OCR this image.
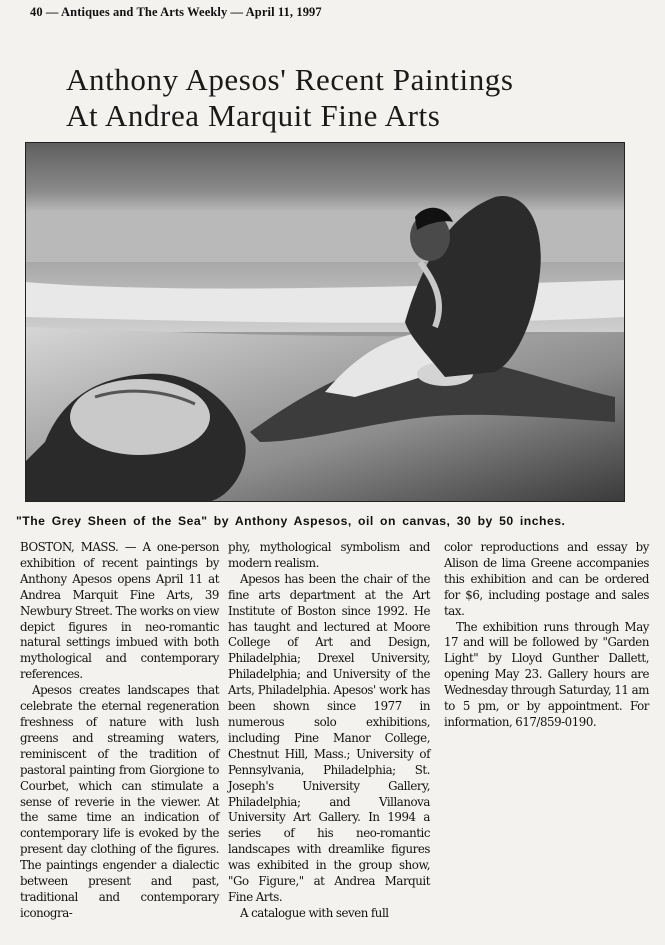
40 — Antiques and The Arts Weekly — April 11, 1997
Anthony Apesos' Recent Paintings
At Andrea Marquit Fine Arts
"The Grey Sheen of the Sea" by Anthony Aspesos, oil on canvas, 30 by 50 inches.

BOSTON, MASS. — A one-person exhibition of recent paintings by Anthony Apesos opens April 11 at Andrea Marquit Fine Arts, 39 Newbury Street. The works on view depict figures in neo-romantic natural settings imbued with both mythological and contemporary references.

Apesos creates landscapes that celebrate the eternal regeneration freshness of nature with lush greens and streaming waters, reminiscent of the tradition of pastoral painting from Giorgione to Courbet, which can stimulate a sense of reverie in the viewer. At the same time an indication of contemporary life is evoked by the present day clothing of the figures. The paintings engender a dialectic between present and past, traditional and contemporary iconogra-

phy, mythological symbolism and modern realism.

Apesos has been the chair of the fine arts department at the Art Institute of Boston since 1992. He has taught and lectured at Moore College of Art and Design, Philadelphia; Drexel University, Philadelphia; and University of the Arts, Philadelphia. Apesos' work has been shown since 1977 in numerous solo exhibitions, including Pine Manor College, Chestnut Hill, Mass.; University of Pennsylvania, Philadelphia; St. Joseph's University Gallery, Philadelphia; and Villanova University Art Gallery. In 1994 a series of his neo-romantic landscapes with dreamlike figures was exhibited in the group show, "Go Figure," at Andrea Marquit Fine Arts.

A catalogue with seven full

color reproductions and essay by Alison de lima Greene accompanies this exhibition and can be ordered for $6, including postage and sales tax.

The exhibition runs through May 17 and will be followed by "Garden Light" by Lloyd Gunther Dallett, opening May 23. Gallery hours are Wednesday through Saturday, 11 am to 5 pm, or by appointment. For information, 617/859-0190.
